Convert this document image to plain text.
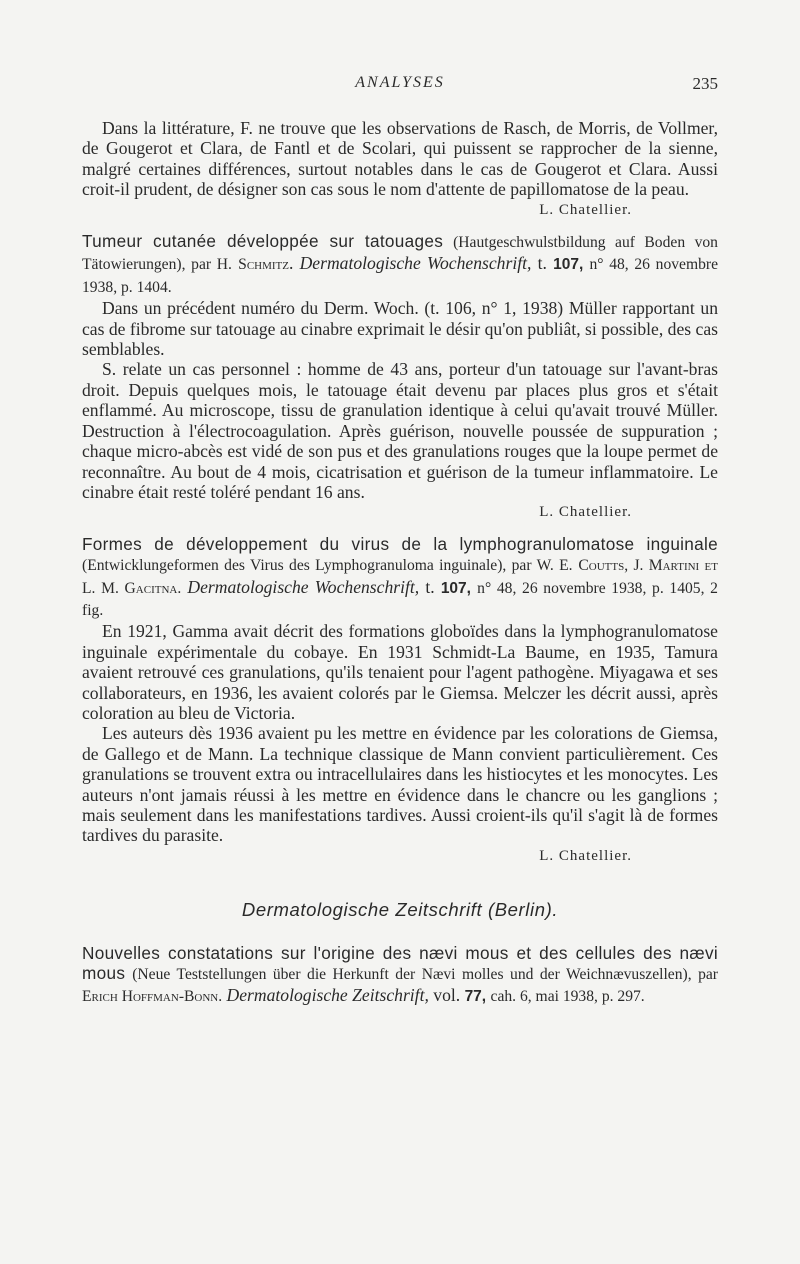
ANALYSES	235

Dans la littérature, F. ne trouve que les observations de Rasch, de Morris, de Vollmer, de Gougerot et Clara, de Fantl et de Scolari, qui puissent se rapprocher de la sienne, malgré certaines différences, surtout notables dans le cas de Gougerot et Clara. Aussi croit-il prudent, de désigner son cas sous le nom d'attente de papillomatose de la peau.

L. Chatellier.

Tumeur cutanée développée sur tatouages (Hautgeschwulstbildung auf Boden von Tätowierungen), par H. Schmitz. Dermatologische Wochenschrift, t. 107, n° 48, 26 novembre 1938, p. 1404.

Dans un précédent numéro du Derm. Woch. (t. 106, n° 1, 1938) Müller rapportant un cas de fibrome sur tatouage au cinabre exprimait le désir qu'on publiât, si possible, des cas semblables.

S. relate un cas personnel : homme de 43 ans, porteur d'un tatouage sur l'avant-bras droit. Depuis quelques mois, le tatouage était devenu par places plus gros et s'était enflammé. Au microscope, tissu de granulation identique à celui qu'avait trouvé Müller. Destruction à l'électrocoagulation. Après guérison, nouvelle poussée de suppuration ; chaque micro-abcès est vidé de son pus et des granulations rouges que la loupe permet de reconnaître. Au bout de 4 mois, cicatrisation et guérison de la tumeur inflammatoire. Le cinabre était resté toléré pendant 16 ans.

L. Chatellier.

Formes de développement du virus de la lymphogranulomatose inguinale (Entwicklungeformen des Virus des Lymphogranuloma inguinale), par W. E. Coutts, J. Martini et L. M. Gacitna. Dermatologische Wochenschrift, t. 107, n° 48, 26 novembre 1938, p. 1405, 2 fig.

En 1921, Gamma avait décrit des formations globoïdes dans la lymphogranulomatose inguinale expérimentale du cobaye. En 1931 Schmidt-La Baume, en 1935, Tamura avaient retrouvé ces granulations, qu'ils tenaient pour l'agent pathogène. Miyagawa et ses collaborateurs, en 1936, les avaient colorés par le Giemsa. Melczer les décrit aussi, après coloration au bleu de Victoria.

Les auteurs dès 1936 avaient pu les mettre en évidence par les colorations de Giemsa, de Gallego et de Mann. La technique classique de Mann convient particulièrement. Ces granulations se trouvent extra ou intracellulaires dans les histiocytes et les monocytes. Les auteurs n'ont jamais réussi à les mettre en évidence dans le chancre ou les ganglions ; mais seulement dans les manifestations tardives. Aussi croient-ils qu'il s'agit là de formes tardives du parasite.

L. Chatellier.

Dermatologische Zeitschrift (Berlin).

Nouvelles constatations sur l'origine des nævi mous et des cellules des nævi mous (Neue Teststellungen über die Herkunft der Nævi molles und der Weichnævuszellen), par Erich Hoffman-Bonn. Dermatologische Zeitschrift, vol. 77, cah. 6, mai 1938, p. 297.
